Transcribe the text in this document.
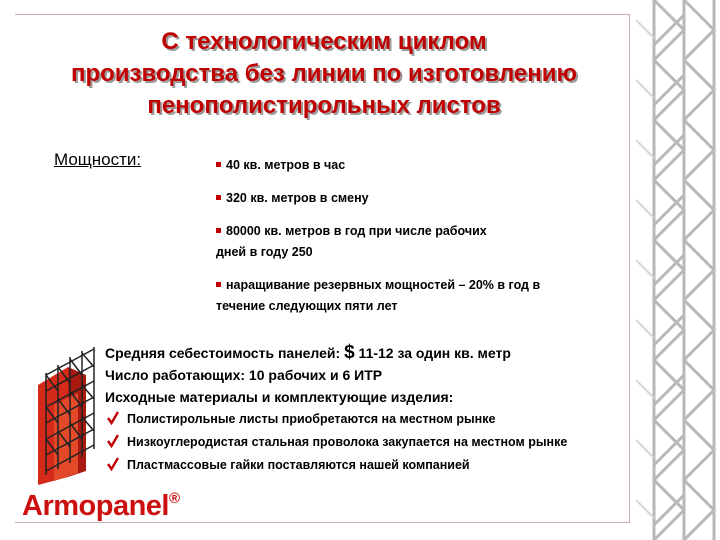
С технологическим циклом
производства без линии по изготовлению
пенополистирольных листов
Мощности:	40 кв. метров в час
320 кв. метров в смену
80000 кв. метров в год при числе рабочих дней в году 250
наращивание резервных мощностей – 20% в год в течение следующих пяти лет
Средняя себестоимость панелей: $ 11-12 за один кв. метр
Число работающих: 10 рабочих и 6 ИТР
Исходные материалы и комплектующие изделия:
Полистирольные листы приобретаются на местном рынке
Низкоуглеродистая стальная проволока закупается на местном рынке
Пластмассовые гайки поставляются нашей компанией
Armopanel®
